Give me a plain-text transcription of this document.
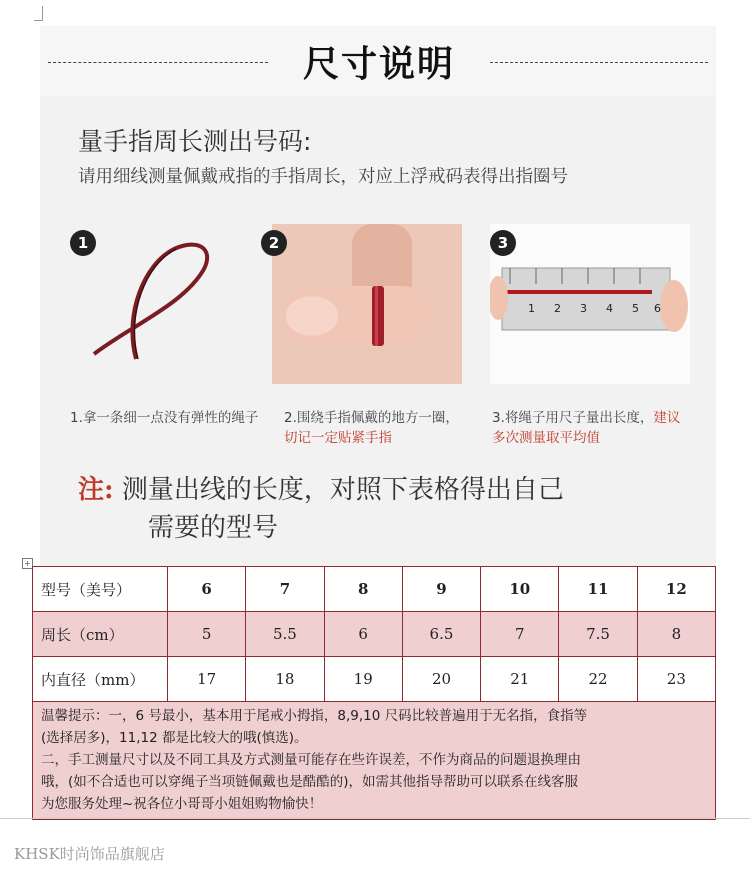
尺寸说明
量手指周长测出号码:
请用细线测量佩戴戒指的手指周长，对应上浮戒码表得出指圈号
1	2
1 2 3 4 5 6
3
1.拿一条细一点没有弹性的绳子 2.围绕手指佩戴的地方一圈，
切记一定贴紧手指
3.将绳子用尺子量出长度，建议
多次测量取平均值
注: 测量出线的长度，对照下表格得出自己
需要的型号
+
型号（美号）	6	7	8	9	10	11	12
周长（cm）	5	5.5	6	6.5	7	7.5	8
内直径（mm）	17	18	19	20	21	22	23
温馨提示：一，6 号最小，基本用于尾戒小拇指，8,9,10 尺码比较普遍用于无名指，食指等
(选择居多)，11,12 都是比较大的哦(慎选)。
二，手工测量尺寸以及不同工具及方式测量可能存在些许误差，不作为商品的问题退换理由
哦，(如不合适也可以穿绳子当项链佩戴也是酷酷的)，如需其他指导帮助可以联系在线客服
为您服务处理~祝各位小哥哥小姐姐购物愉快！
KHSK时尚饰品旗舰店
